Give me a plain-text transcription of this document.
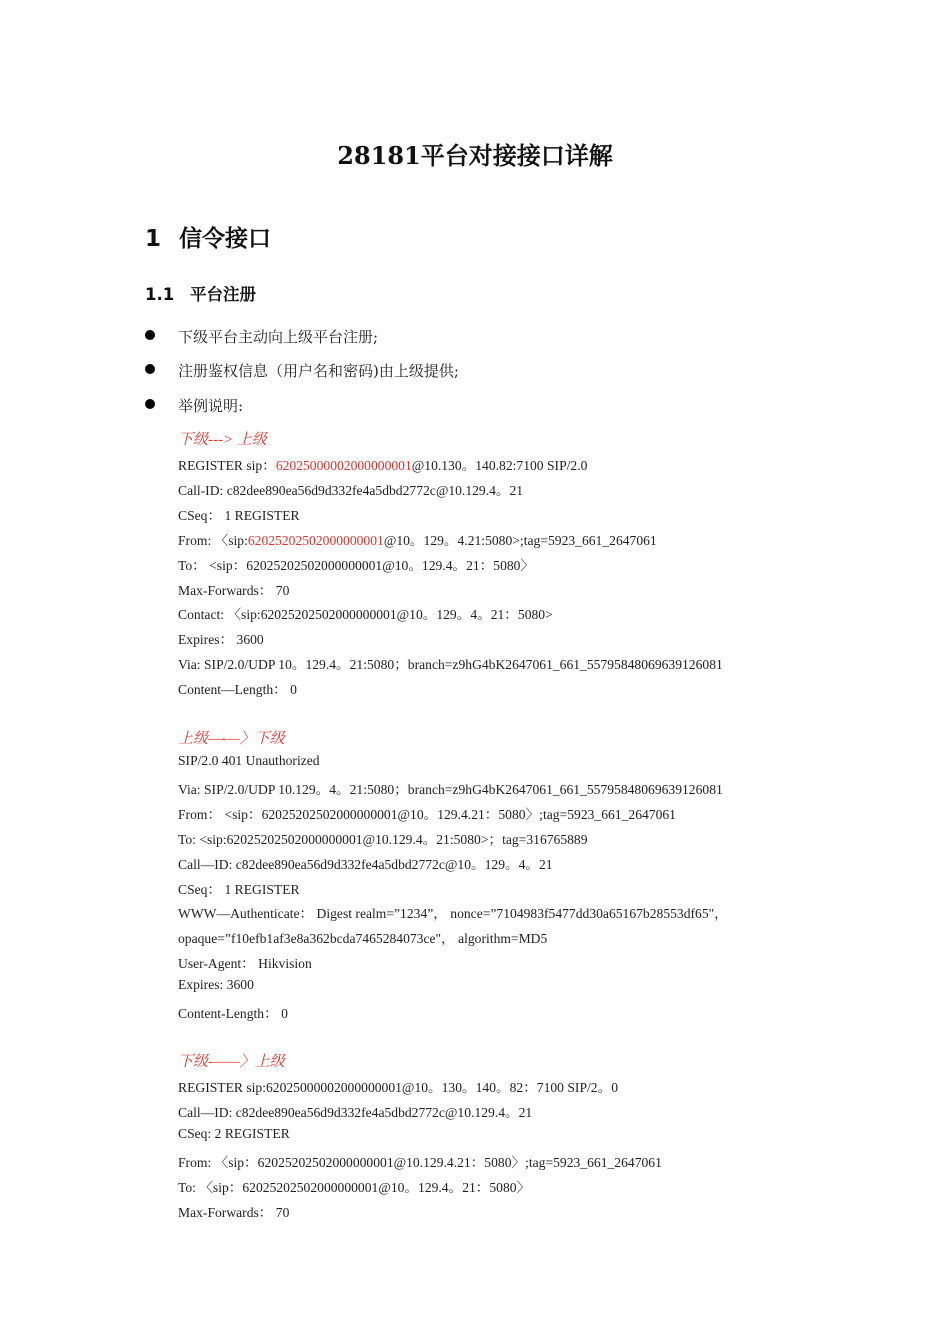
28181平台对接接口详解
1 信令接口
1.1 平台注册
下级平台主动向上级平台注册;
注册鉴权信息（用户名和密码)由上级提供;
举例说明:
下级---> 上级
REGISTER sip：62025000002000000001@10.130。140.82:7100 SIP/2.0
Call-ID: c82dee890ea56d9d332fe4a5dbd2772c@10.129.4。21
CSeq： 1 REGISTER
From: 〈sip:62025202502000000001@10。129。4.21:5080>;tag=5923_661_2647061
To： <sip：62025202502000000001@10。129.4。21：5080〉
Max-Forwards： 70
Contact: 〈sip:62025202502000000001@10。129。4。21：5080>
Expires： 3600
Via: SIP/2.0/UDP 10。129.4。21:5080；branch=z9hG4bK2647061_661_55795848069639126081
Content—Length： 0
上级—-—〉下级
SIP/2.0 401 Unauthorized
Via: SIP/2.0/UDP 10.129。4。21:5080；branch=z9hG4bK2647061_661_55795848069639126081
From： <sip：62025202502000000001@10。129.4.21：5080〉;tag=5923_661_2647061
To: <sip:62025202502000000001@10.129.4。21:5080>；tag=316765889
Call—ID: c82dee890ea56d9d332fe4a5dbd2772c@10。129。4。21
CSeq： 1 REGISTER
WWW—Authenticate： Digest realm=”1234”， nonce=”7104983f5477dd30a65167b28553df65"，
opaque=”f10efb1af3e8a362bcda7465284073ce"， algorithm=MD5
User-Agent： Hikvision
Expires: 3600
Content-Length： 0
下级-——〉上级
REGISTER sip:62025000002000000001@10。130。140。82：7100 SIP/2。0
Call—ID: c82dee890ea56d9d332fe4a5dbd2772c@10.129.4。21
CSeq: 2 REGISTER
From: 〈sip：62025202502000000001@10.129.4.21：5080〉;tag=5923_661_2647061
To: 〈sip：62025202502000000001@10。129.4。21：5080〉
Max-Forwards： 70
